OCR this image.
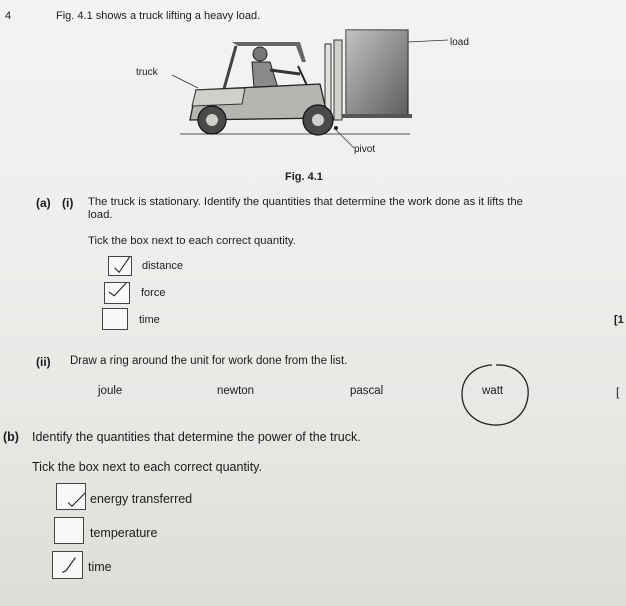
4	Fig. 4.1 shows a truck lifting a heavy load.
truck
load
pivot
Fig. 4.1
(a) (i) The truck is stationary. Identify the quantities that determine the work done as it lifts the
load.
Tick the box next to each correct quantity.
distance
force
time	[1
(ii) Draw a ring around the unit for work done from the list.
joule	newton	pascal	watt	[
(b) Identify the quantities that determine the power of the truck.
Tick the box next to each correct quantity.
energy transferred
temperature
time
